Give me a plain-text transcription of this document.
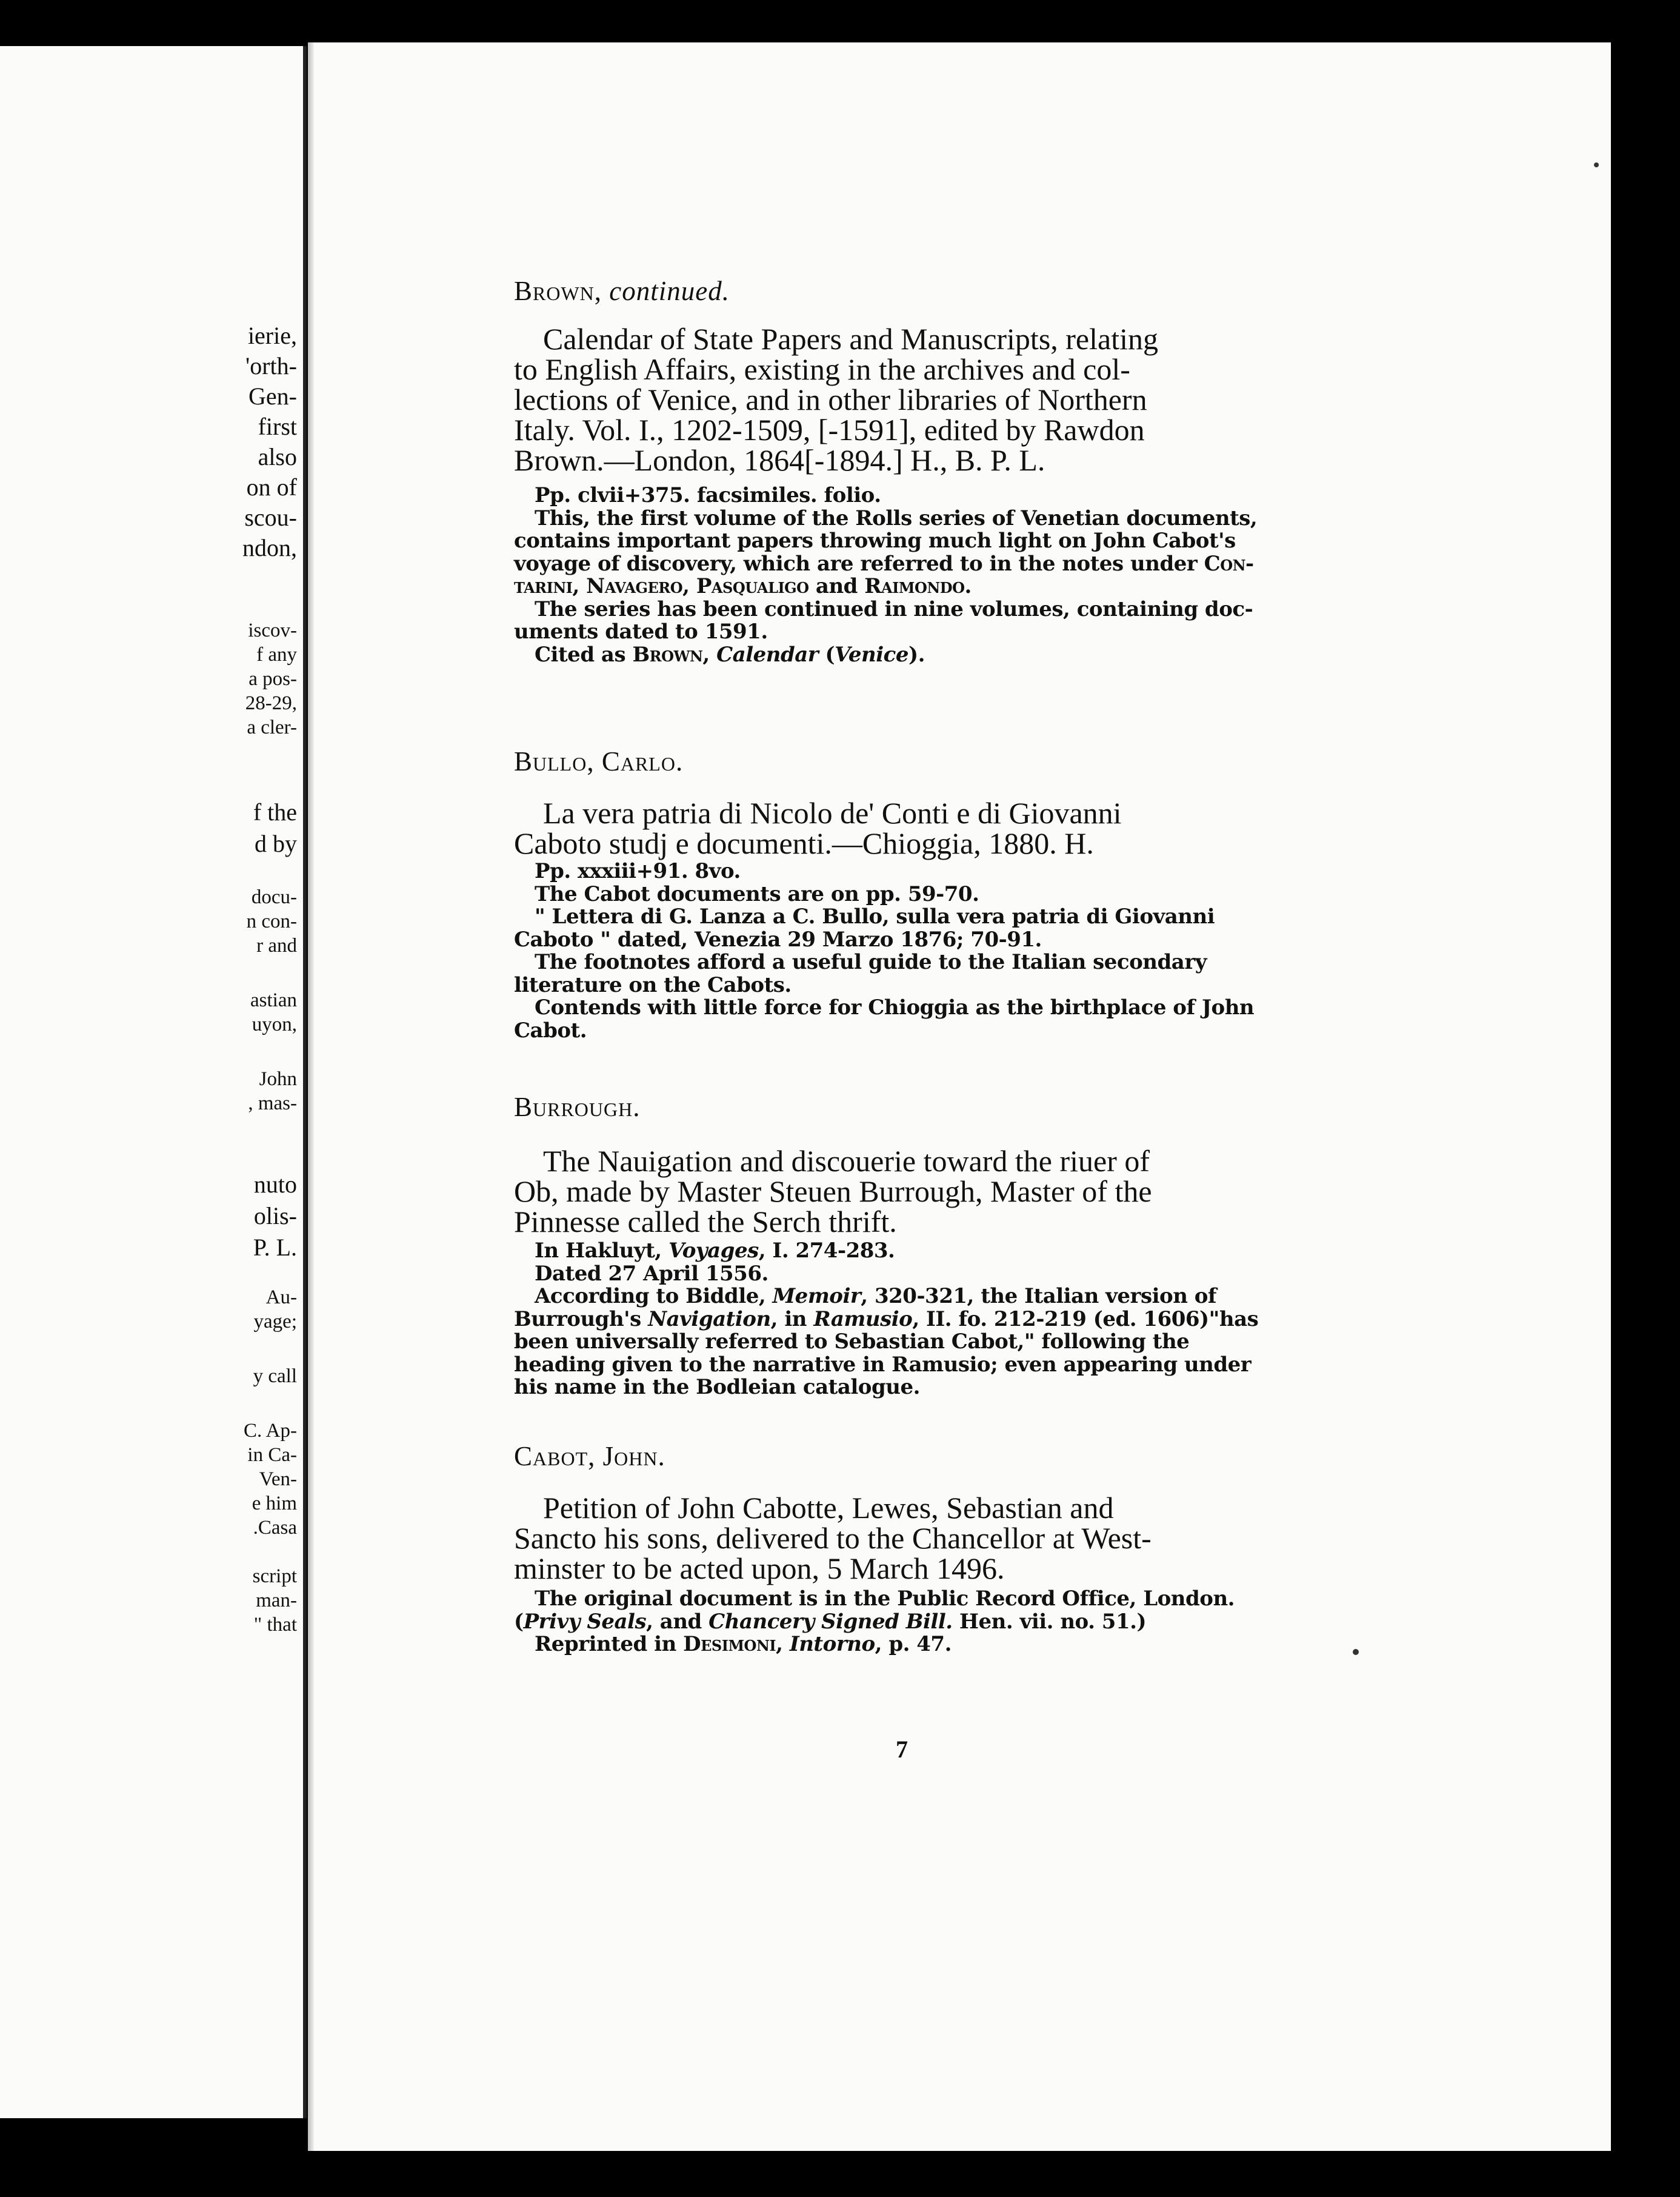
ierie,
'orth-
Gen-
first
also
on of
scou-
ndon,
iscov-
f any
a pos-
28-29,
a cler-
f the
d by
docu-
n con-
r and
astian
uyon,
John
, mas-
nuto
olis-
P. L.
Au-
yage;
y call
C. Ap-
in Ca-
Ven-
e him
.Casa
script
man-
" that
7
Brown, continued.
Calendar of State Papers and Manuscripts, relating
to English Affairs, existing in the archives and col-
lections of Venice, and in other libraries of Northern
Italy. Vol. I., 1202-1509, [-1591], edited by Rawdon
Brown.—London, 1864[-1894.] H., B. P. L.
Pp. clvii+375. facsimiles. folio.
This, the first volume of the Rolls series of Venetian documents,
contains important papers throwing much light on John Cabot's
voyage of discovery, which are referred to in the notes under Con-
tarini, Navagero, Pasqualigo and Raimondo.
The series has been continued in nine volumes, containing doc-
uments dated to 1591.
Cited as Brown, Calendar (Venice).
Bullo, Carlo.
La vera patria di Nicolo de' Conti e di Giovanni
Caboto studj e documenti.—Chioggia, 1880. H.
Pp. xxxiii+91. 8vo.
The Cabot documents are on pp. 59-70.
" Lettera di G. Lanza a C. Bullo, sulla vera patria di Giovanni
Caboto " dated, Venezia 29 Marzo 1876; 70-91.
The footnotes afford a useful guide to the Italian secondary
literature on the Cabots.
Contends with little force for Chioggia as the birthplace of John
Cabot.
Burrough.
The Nauigation and discouerie toward the riuer of
Ob, made by Master Steuen Burrough, Master of the
Pinnesse called the Serch thrift.
In Hakluyt, Voyages, I. 274-283.
Dated 27 April 1556.
According to Biddle, Memoir, 320-321, the Italian version of
Burrough's Navigation, in Ramusio, II. fo. 212-219 (ed. 1606)"has
been universally referred to Sebastian Cabot," following the
heading given to the narrative in Ramusio; even appearing under
his name in the Bodleian catalogue.
Cabot, John.
Petition of John Cabotte, Lewes, Sebastian and
Sancto his sons, delivered to the Chancellor at West-
minster to be acted upon, 5 March 1496.
The original document is in the Public Record Office, London.
(Privy Seals, and Chancery Signed Bill. Hen. vii. no. 51.)
Reprinted in Desimoni, Intorno, p. 47.
